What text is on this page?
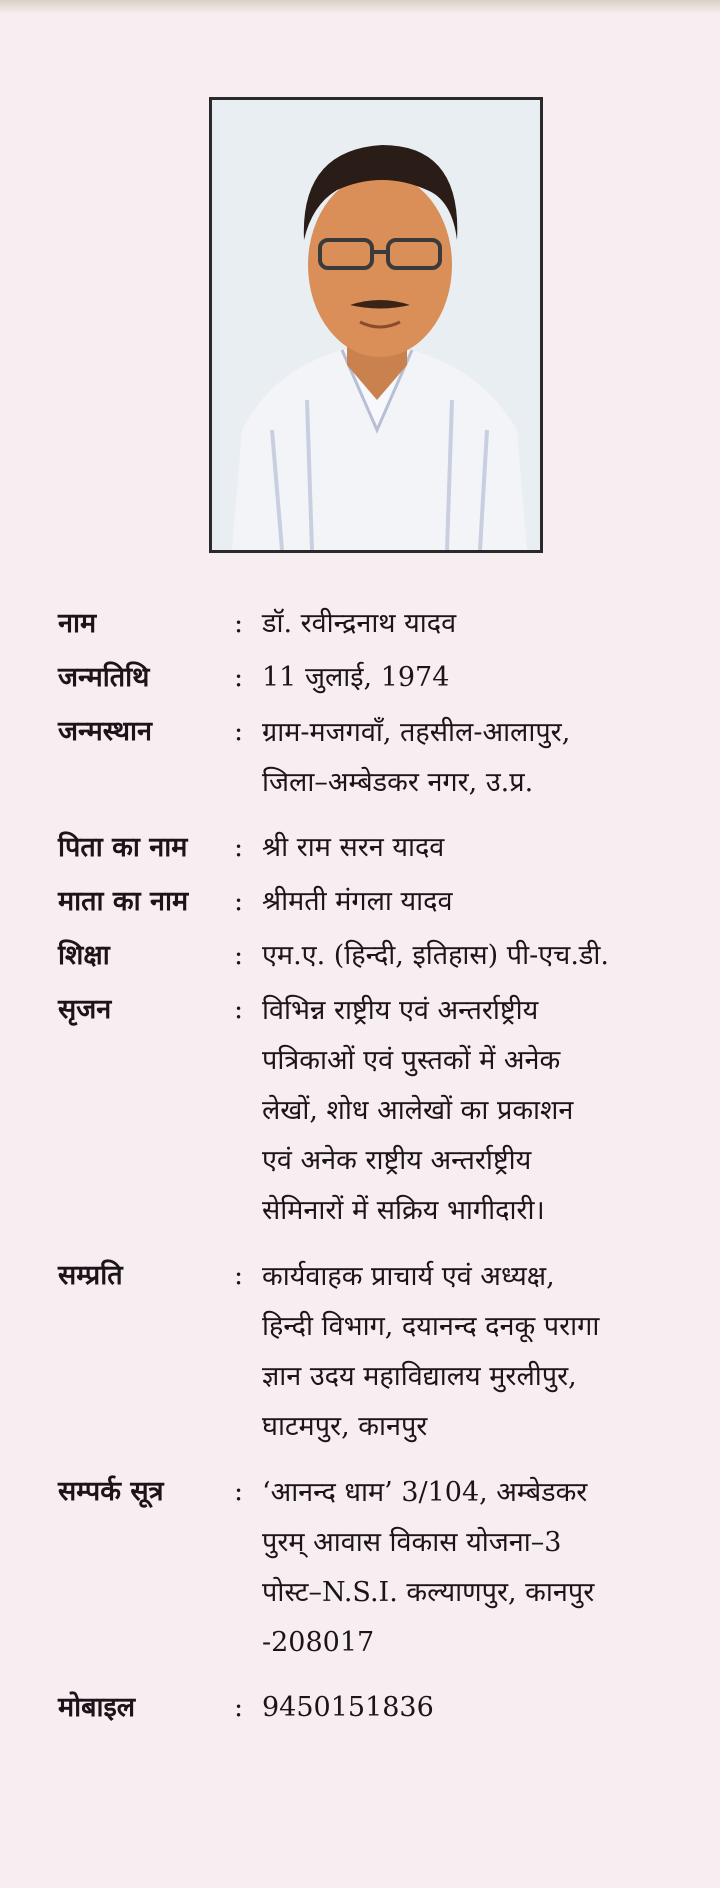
नाम	: डॉ. रवीन्द्रनाथ यादव
जन्मतिथि	: 11 जुलाई, 1974
जन्मस्थान	: ग्राम-मजगवाँ, तहसील-आलापुर,
जिला–अम्बेडकर नगर, उ.प्र.
पिता का नाम	: श्री राम सरन यादव
माता का नाम	: श्रीमती मंगला यादव
शिक्षा	: एम.ए. (हिन्दी, इतिहास) पी-एच.डी.
सृजन	: विभिन्न राष्ट्रीय एवं अन्तर्राष्ट्रीय
पत्रिकाओं एवं पुस्तकों में अनेक
लेखों, शोध आलेखों का प्रकाशन
एवं अनेक राष्ट्रीय अन्तर्राष्ट्रीय
सेमिनारों में सक्रिय भागीदारी।
सम्प्रति	: कार्यवाहक प्राचार्य एवं अध्यक्ष,
हिन्दी विभाग, दयानन्द दनकू परागा
ज्ञान उदय महाविद्यालय मुरलीपुर,
घाटमपुर, कानपुर
सम्पर्क सूत्र	: ‘आनन्द धाम’ 3/104, अम्बेडकर
पुरम् आवास विकास योजना–3
पोस्ट–N.S.I. कल्याणपुर, कानपुर
-208017
मोबाइल	: 9450151836
